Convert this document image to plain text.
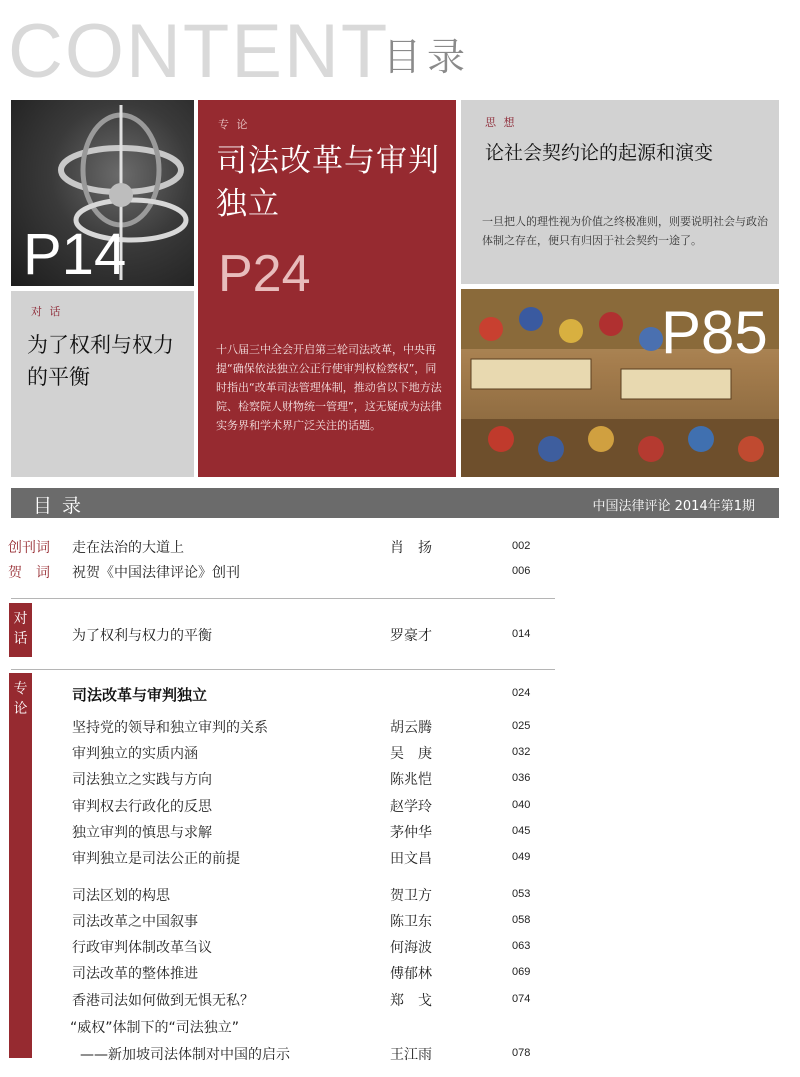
CONTENT
目录
P14
对 话
为了权利与权力的平衡
专 论
司法改革与审判独立
P24
十八届三中全会开启第三轮司法改革，中央再提“确保依法独立公正行使审判权检察权”，同时指出“改革司法管理体制，推动省以下地方法院、检察院人财物统一管理”，这无疑成为法律实务界和学术界广泛关注的话题。
思 想
论社会契约论的起源和演变
一旦把人的理性视为价值之终极准则，则要说明社会与政治体制之存在，便只有归因于社会契约一途了。
P85
目录	中国法律评论 2014年第1期
创刊词 走在法治的大道上	肖　扬	002
贺　词 祝贺《中国法律评论》创刊	006
对话	为了权利与权力的平衡	罗豪才	014
专论
司法改革与审判独立	024
坚持党的领导和独立审判的关系	胡云腾	025
审判独立的实质内涵	吴　庚	032
司法独立之实践与方向	陈兆恺	036
审判权去行政化的反思	赵学玲	040
独立审判的慎思与求解	茅仲华	045
审判独立是司法公正的前提	田文昌	049
司法区划的构思	贺卫方	053
司法改革之中国叙事	陈卫东	058
行政审判体制改革刍议	何海波	063
司法改革的整体推进	傅郁林	069
香港司法如何做到无惧无私？	郑　戈	074
“威权”体制下的“司法独立”
——新加坡司法体制对中国的启示	王江雨	078
